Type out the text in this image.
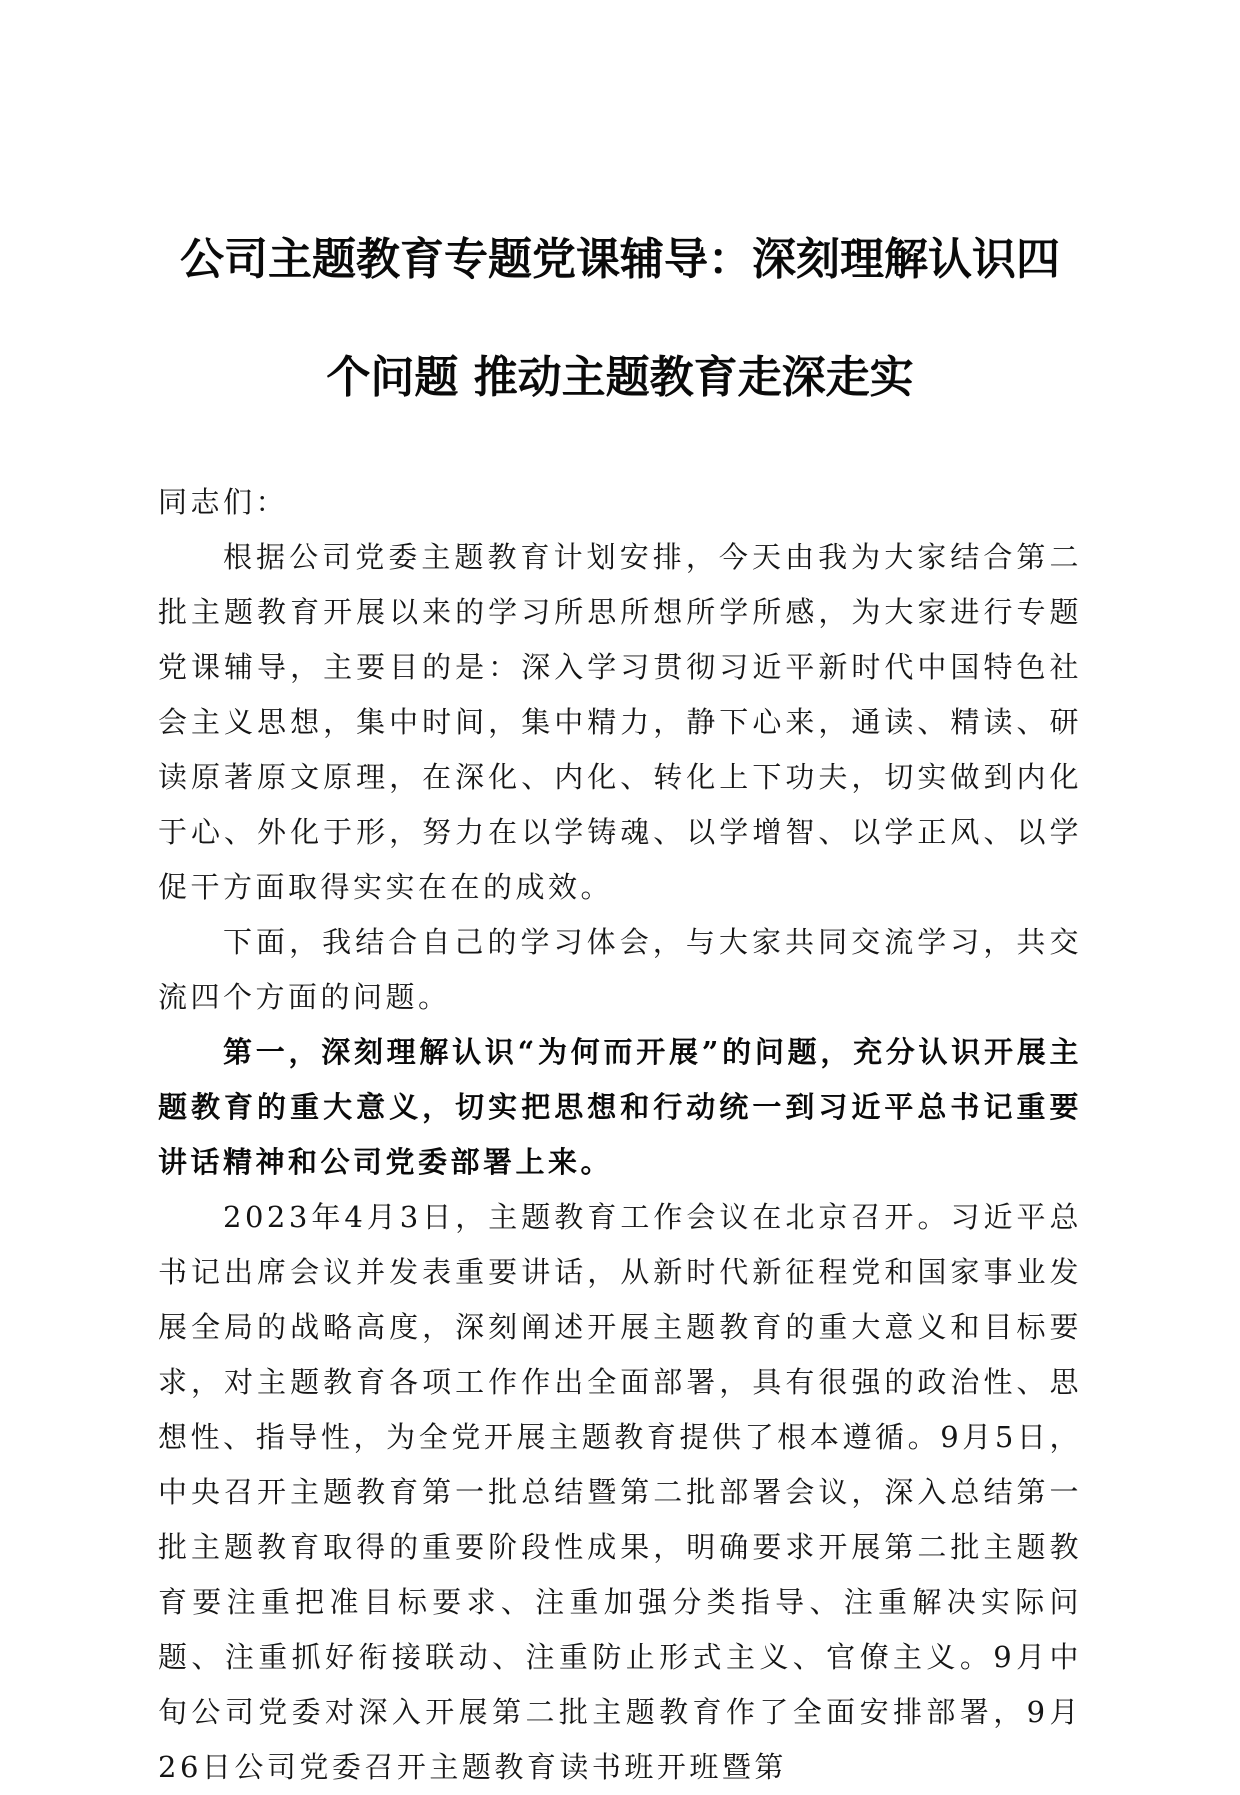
公司主题教育专题党课辅导：深刻理解认识四
个问题 推动主题教育走深走实

同志们：

根据公司党委主题教育计划安排，今天由我为大家结合第二批主题教育开展以来的学习所思所想所学所感，为大家进行专题党课辅导，主要目的是：深入学习贯彻习近平新时代中国特色社会主义思想，集中时间，集中精力，静下心来，通读、精读、研读原著原文原理，在深化、内化、转化上下功夫，切实做到内化于心、外化于形，努力在以学铸魂、以学增智、以学正风、以学促干方面取得实实在在的成效。

下面，我结合自己的学习体会，与大家共同交流学习，共交流四个方面的问题。

第一，深刻理解认识“为何而开展”的问题，充分认识开展主题教育的重大意义，切实把思想和行动统一到习近平总书记重要讲话精神和公司党委部署上来。

2023年4月3日，主题教育工作会议在北京召开。习近平总书记出席会议并发表重要讲话，从新时代新征程党和国家事业发展全局的战略高度，深刻阐述开展主题教育的重大意义和目标要求，对主题教育各项工作作出全面部署，具有很强的政治性、思想性、指导性，为全党开展主题教育提供了根本遵循。9月5日，中央召开主题教育第一批总结暨第二批部署会议，深入总结第一批主题教育取得的重要阶段性成果，明确要求开展第二批主题教育要注重把准目标要求、注重加强分类指导、注重解决实际问题、注重抓好衔接联动、注重防止形式主义、官僚主义。9月中旬公司党委对深入开展第二批主题教育作了全面安排部署，9月26日公司党委召开主题教育读书班开班暨第
